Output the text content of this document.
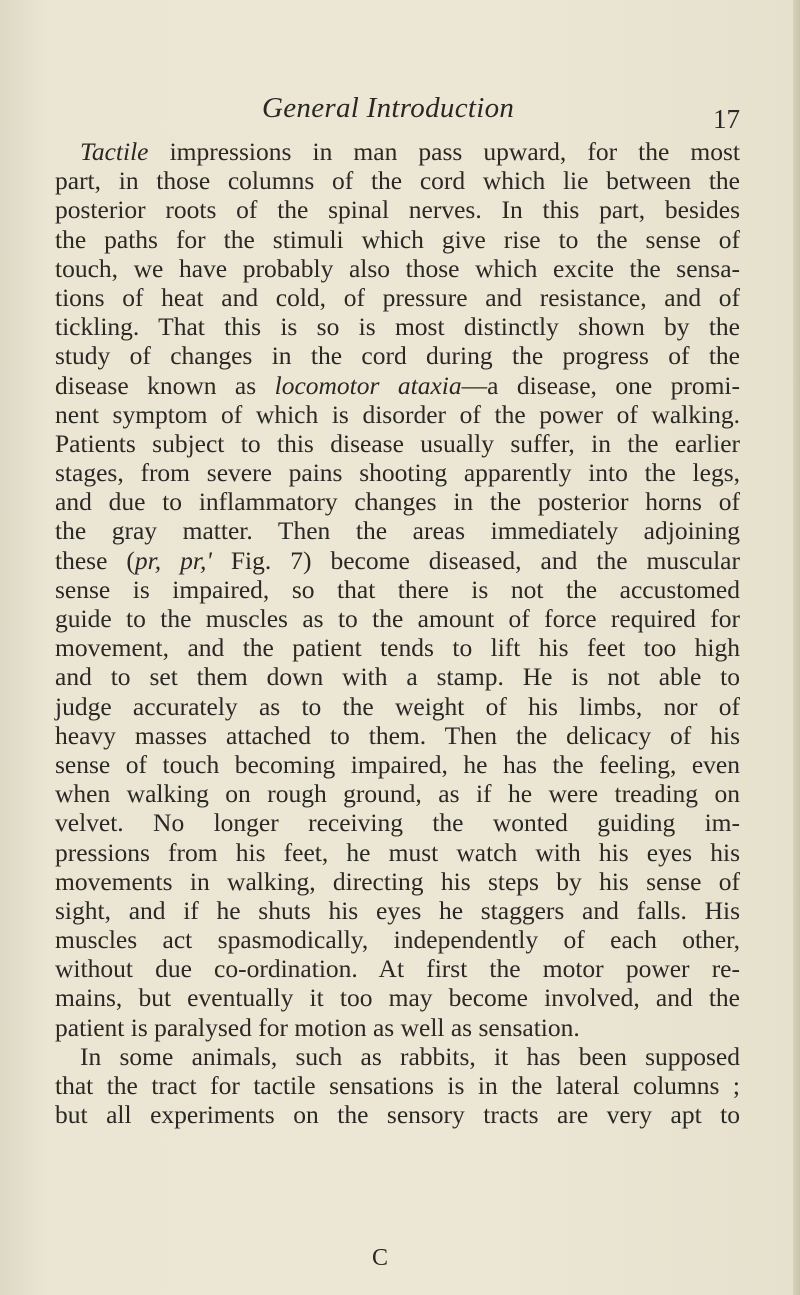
General Introduction	17
Tactile impressions in man pass upward, for the most
part, in those columns of the cord which lie between the
posterior roots of the spinal nerves. In this part, besides
the paths for the stimuli which give rise to the sense of
touch, we have probably also those which excite the sensa-
tions of heat and cold, of pressure and resistance, and of
tickling. That this is so is most distinctly shown by the
study of changes in the cord during the progress of the
disease known as locomotor ataxia—a disease, one promi-
nent symptom of which is disorder of the power of walking.
Patients subject to this disease usually suffer, in the earlier
stages, from severe pains shooting apparently into the legs,
and due to inflammatory changes in the posterior horns of
the gray matter. Then the areas immediately adjoining
these (pr, pr,' Fig. 7) become diseased, and the muscular
sense is impaired, so that there is not the accustomed
guide to the muscles as to the amount of force required for
movement, and the patient tends to lift his feet too high
and to set them down with a stamp. He is not able to
judge accurately as to the weight of his limbs, nor of
heavy masses attached to them. Then the delicacy of his
sense of touch becoming impaired, he has the feeling, even
when walking on rough ground, as if he were treading on
velvet. No longer receiving the wonted guiding im-
pressions from his feet, he must watch with his eyes his
movements in walking, directing his steps by his sense of
sight, and if he shuts his eyes he staggers and falls. His
muscles act spasmodically, independently of each other,
without due co-ordination. At first the motor power re-
mains, but eventually it too may become involved, and the
patient is paralysed for motion as well as sensation.
In some animals, such as rabbits, it has been supposed
that the tract for tactile sensations is in the lateral columns ;
but all experiments on the sensory tracts are very apt to
C
